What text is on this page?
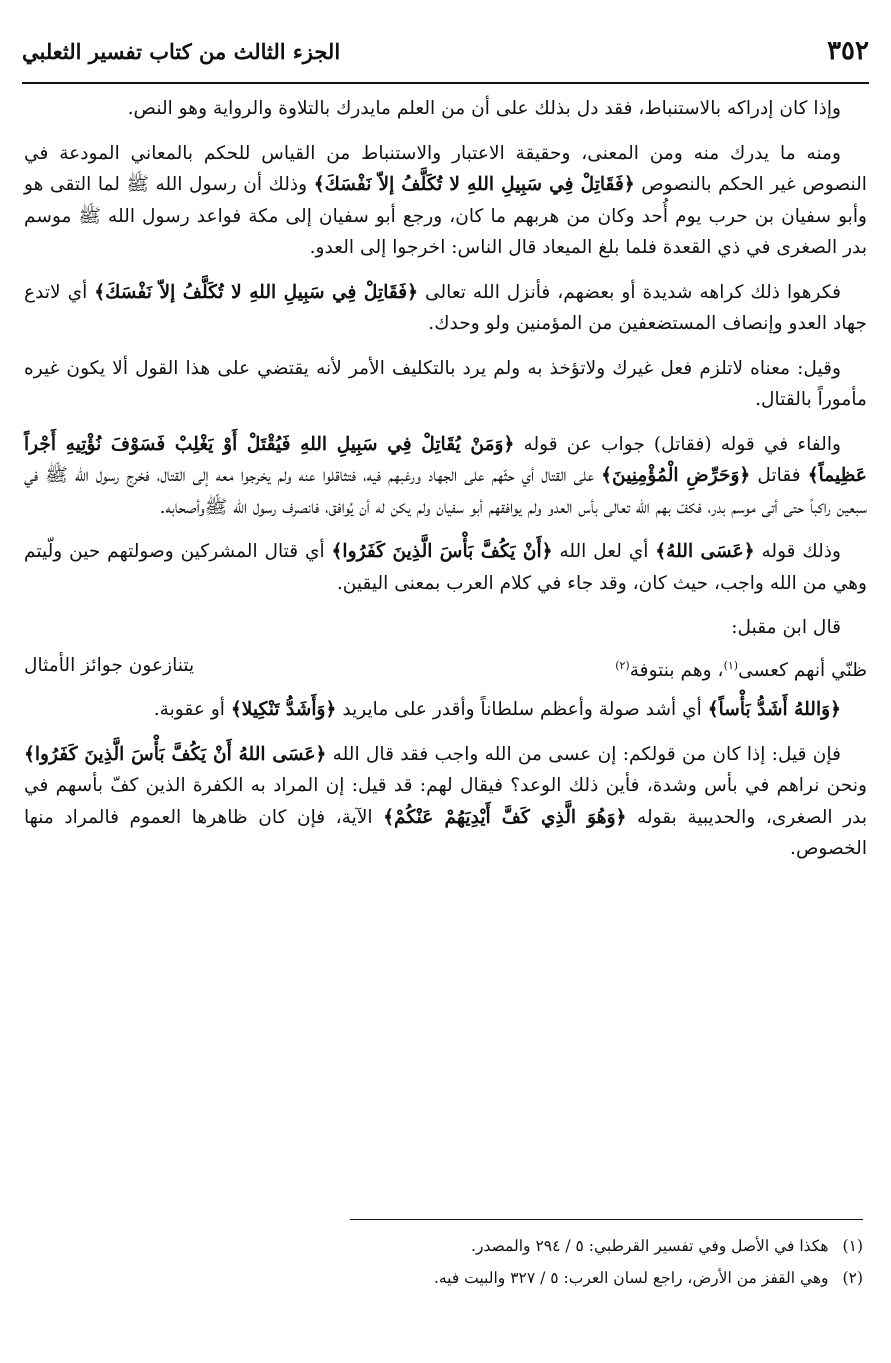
٣٥٢
الجزء الثالث من كتاب تفسير الثعلبي

وإذا كان إدراكه بالاستنباط، فقد دل بذلك على أن من العلم مايدرك بالتلاوة والرواية وهو النص.

ومنه ما يدرك منه ومن المعنى، وحقيقة الاعتبار والاستنباط من القياس للحكم بالمعاني المودعة في النصوص غير الحكم بالنصوص ﴿فَقَاتِلْ فِي سَبِيلِ اللهِ لا تُكَلَّفُ إلاّ نَفْسَكَ﴾ وذلك أن رسول الله ﷺ لما التقى هو وأبو سفيان بن حرب يوم أُحد وكان من هربهم ما كان، ورجع أبو سفيان إلى مكة فواعد رسول الله ﷺ موسم بدر الصغرى في ذي القعدة فلما بلغ الميعاد قال الناس: اخرجوا إلى العدو.

فكرهوا ذلك كراهه شديدة أو بعضهم، فأنزل الله تعالى ﴿فَقَاتِلْ فِي سَبِيلِ اللهِ لا تُكَلَّفُ إلاّ نَفْسَكَ﴾ أي لاتدع جهاد العدو وإنصاف المستضعفين من المؤمنين ولو وحدك.

وقيل: معناه لاتلزم فعل غيرك ولاتؤخذ به ولم يرد بالتكليف الأمر لأنه يقتضي على هذا القول ألا يكون غيره مأموراً بالقتال.

والفاء في قوله (فقاتل) جواب عن قوله ﴿وَمَنْ يُقَاتِلْ فِي سَبِيلِ اللهِ فَيُقْتَلْ أَوْ يَغْلِبْ فَسَوْفَ نُؤْتِيهِ أَجْراً عَظِيماً﴾ فقاتل ﴿وَحَرِّضِ الْمُؤْمِنِينَ﴾ على القتال أي حثّهم على الجهاد ورغبهم فيه، فتثاقلوا عنه ولم يخرجوا معه إلى القتال، فخرج رسول الله ﷺ في سبعين راكباً حتى أتى موسم بدر، فكفّ بهم الله تعالى بأس العدو ولم يوافقهم أبو سفيان ولم يكن له أن يُوافق، فانصرف رسول الله ﷺوأصحابه.

وذلك قوله ﴿عَسَى اللهُ﴾ أي لعل الله ﴿أَنْ يَكُفَّ بَأْسَ الَّذِينَ كَفَرُوا﴾ أي قتال المشركين وصولتهم حين ولّيتم وهي من الله واجب، حيث كان، وقد جاء في كلام العرب بمعنى اليقين.

قال ابن مقبل:

ظنّي أنهم كعسى$^{(١)}$، وهم بنتوفة$^{(٢)}$
يتنازعون جوائز الأمثال

﴿وَاللهُ أَشَدُّ بَأْساً﴾ أي أشد صولة وأعظم سلطاناً وأقدر على مايريد ﴿وَأَشَدُّ تَنْكِيلا﴾ أو عقوبة.

فإن قيل: إذا كان من قولكم: إن عسى من الله واجب فقد قال الله ﴿عَسَى اللهُ أَنْ يَكُفَّ بَأْسَ الَّذِينَ كَفَرُوا﴾ ونحن نراهم في بأس وشدة، فأين ذلك الوعد؟ فيقال لهم: قد قيل: إن المراد به الكفرة الذين كفّ بأسهم في بدر الصغرى، والحديبية بقوله ﴿وَهُوَ الَّذِي كَفَّ أَيْدِيَهُمْ عَنْكُمْ﴾ الآية، فإن كان ظاهرها العموم فالمراد منها الخصوص.

(١)
هكذا في الأصل وفي تفسير القرطبي: ٥ / ٢٩٤ والمصدر.
(٢)
وهي القفز من الأرض، راجع لسان العرب: ٥ / ٣٢٧ والبيت فيه.
